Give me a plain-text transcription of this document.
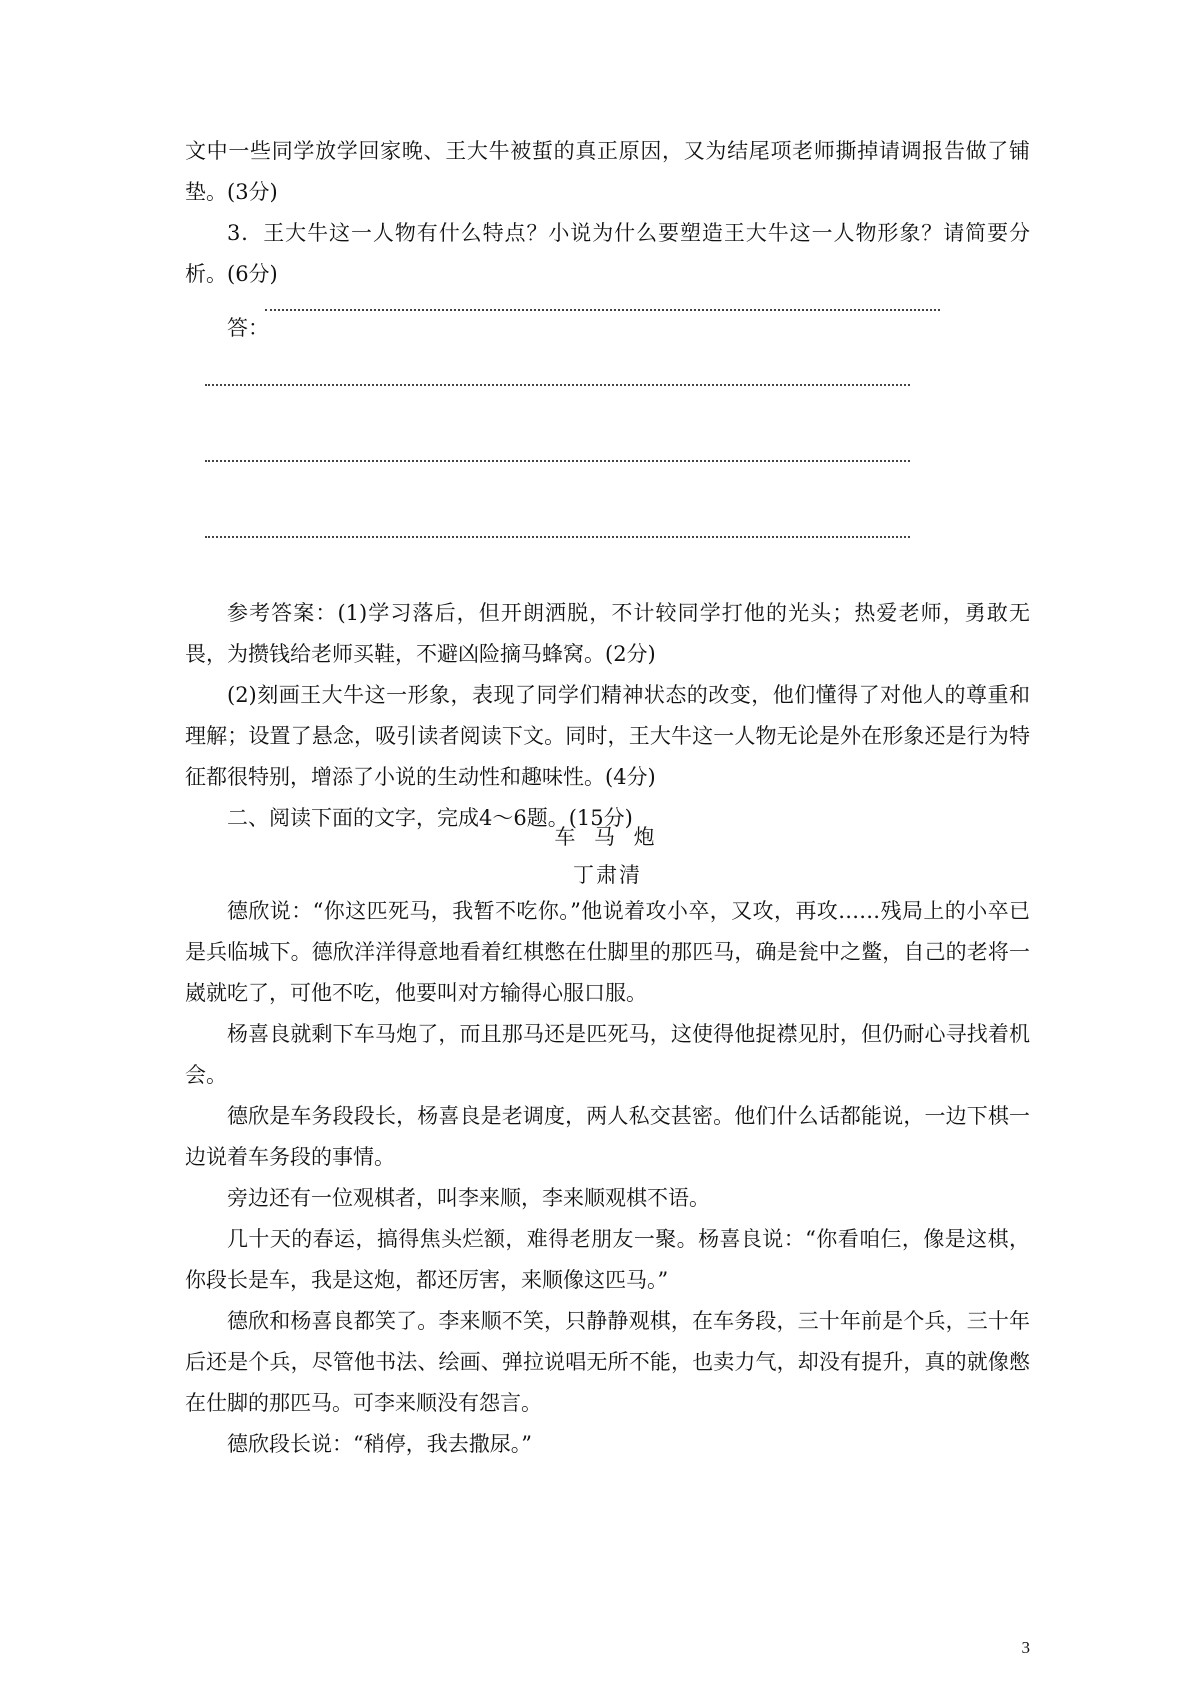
文中一些同学放学回家晚、王大牛被蜇的真正原因，又为结尾项老师撕掉请调报告做了铺垫。(3分)
3．王大牛这一人物有什么特点？小说为什么要塑造王大牛这一人物形象？请简要分析。(6分)
答：
参考答案：(1)学习落后，但开朗洒脱，不计较同学打他的光头；热爱老师，勇敢无畏，为攒钱给老师买鞋，不避凶险摘马蜂窝。(2分)
(2)刻画王大牛这一形象，表现了同学们精神状态的改变，他们懂得了对他人的尊重和理解；设置了悬念，吸引读者阅读下文。同时，王大牛这一人物无论是外在形象还是行为特征都很特别，增添了小说的生动性和趣味性。(4分)
二、阅读下面的文字，完成4～6题。(15分)
车 马 炮
丁肃清
德欣说：“你这匹死马，我暂不吃你。”他说着攻小卒，又攻，再攻……残局上的小卒已是兵临城下。德欣洋洋得意地看着红棋憋在仕脚里的那匹马，确是瓮中之鳖，自己的老将一崴就吃了，可他不吃，他要叫对方输得心服口服。
杨喜良就剩下车马炮了，而且那马还是匹死马，这使得他捉襟见肘，但仍耐心寻找着机会。
德欣是车务段段长，杨喜良是老调度，两人私交甚密。他们什么话都能说，一边下棋一边说着车务段的事情。
旁边还有一位观棋者，叫李来顺，李来顺观棋不语。
几十天的春运，搞得焦头烂额，难得老朋友一聚。杨喜良说：“你看咱仨，像是这棋，你段长是车，我是这炮，都还厉害，来顺像这匹马。”
德欣和杨喜良都笑了。李来顺不笑，只静静观棋，在车务段，三十年前是个兵，三十年后还是个兵，尽管他书法、绘画、弹拉说唱无所不能，也卖力气，却没有提升，真的就像憋在仕脚的那匹马。可李来顺没有怨言。
德欣段长说：“稍停，我去撒尿。”
3
